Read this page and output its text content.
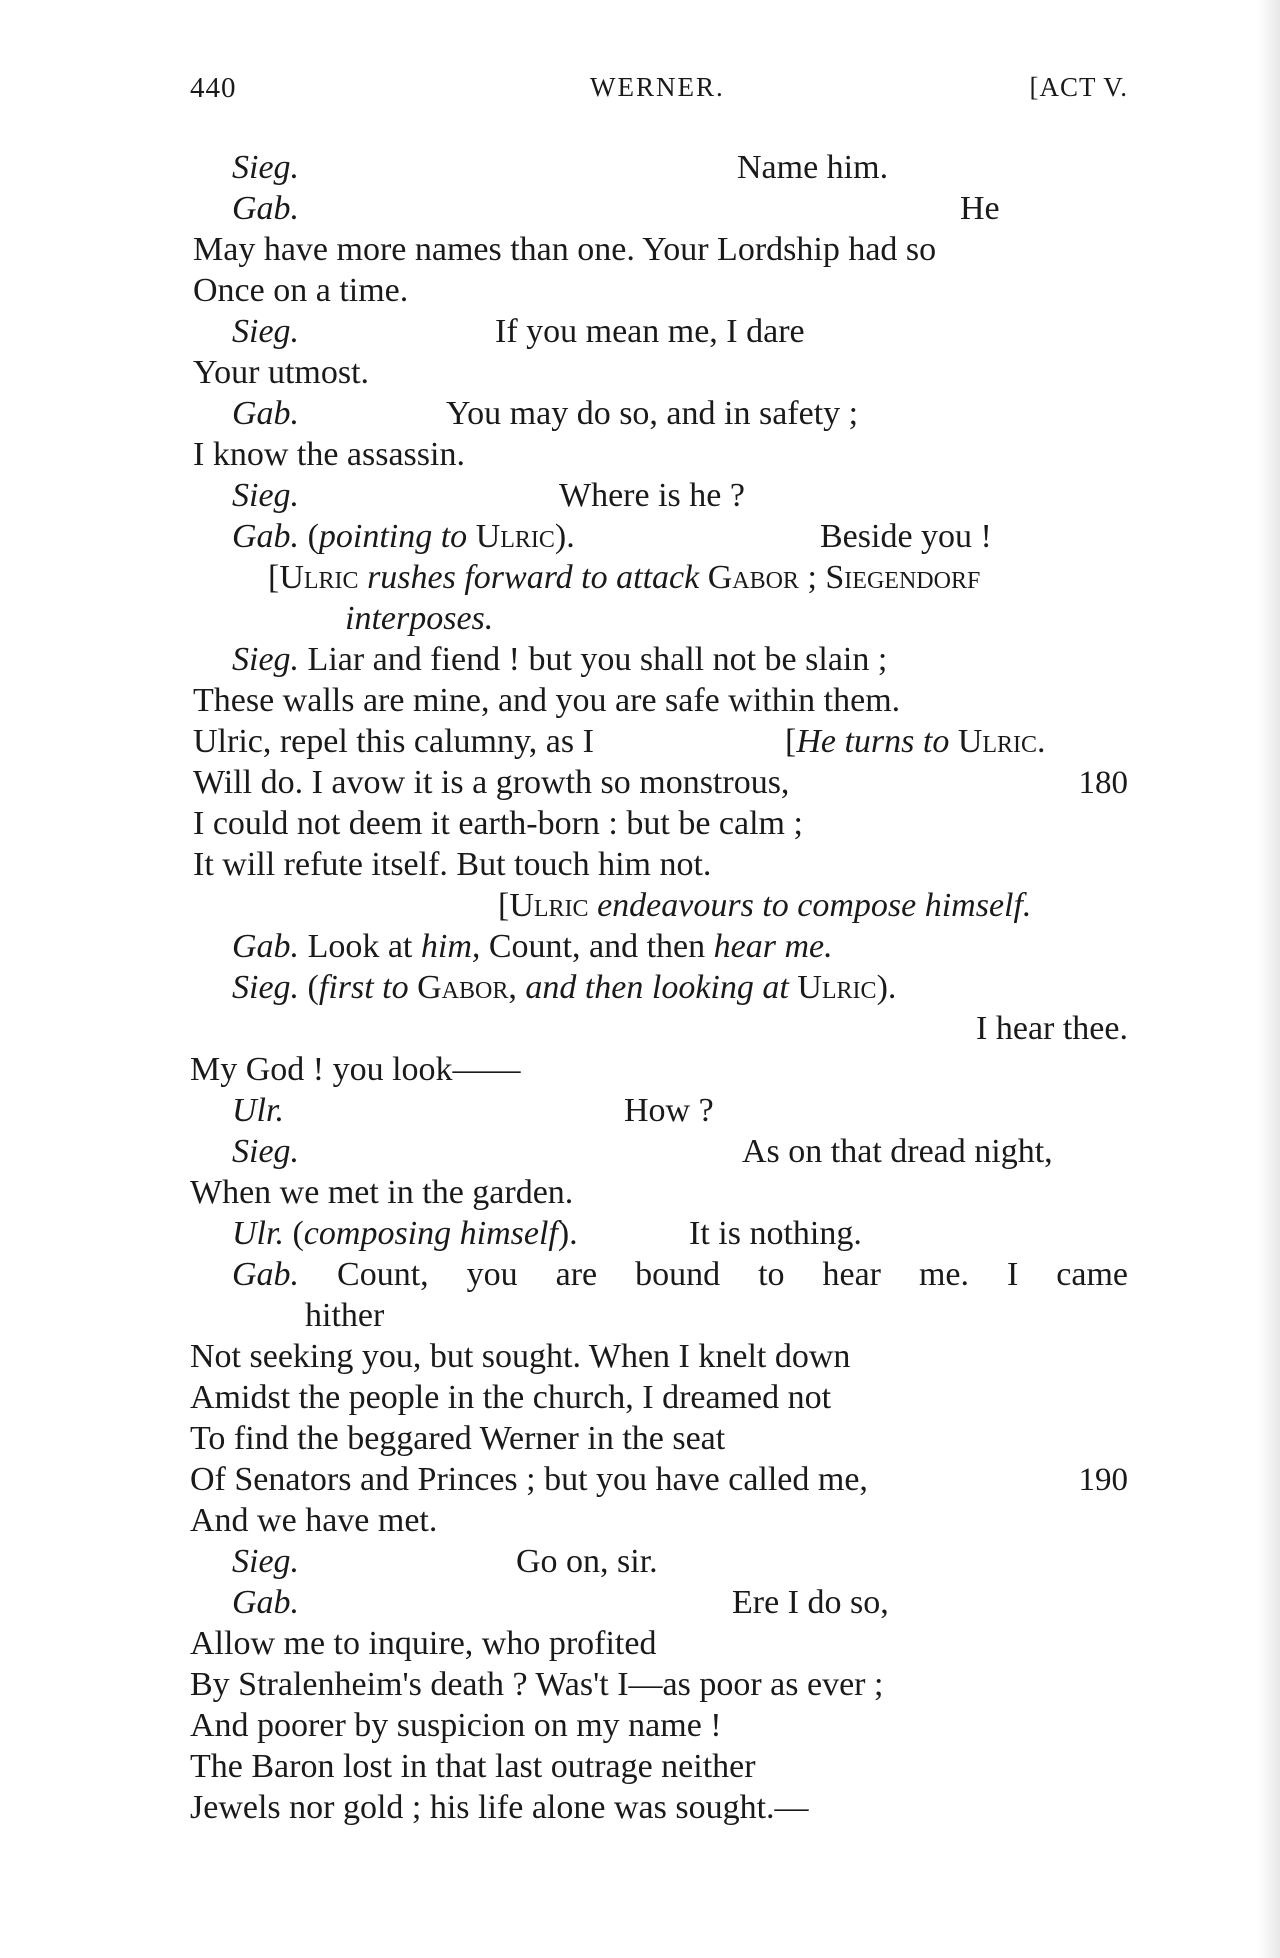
440	WERNER.	[ACT V.
Sieg.	Name him.
Gab.	He
May have more names than one. Your Lordship had so
Once on a time.
Sieg.	If you mean me, I dare
Your utmost.
Gab.	You may do so, and in safety ;
I know the assassin.
Sieg.	Where is he ?
Gab. (pointing to Ulric).	Beside you !
[Ulric rushes forward to attack Gabor ; Siegendorf
interposes.
Sieg. Liar and fiend ! but you shall not be slain ;
These walls are mine, and you are safe within them.
Ulric, repel this calumny, as I	[He turns to Ulric.
Will do. I avow it is a growth so monstrous,	180
I could not deem it earth-born : but be calm ;
It will refute itself. But touch him not.
[Ulric endeavours to compose himself.
Gab. Look at him, Count, and then hear me.
Sieg. (first to Gabor, and then looking at Ulric).
I hear thee.
My God ! you look——
Ulr.	How ?
Sieg.	As on that dread night,
When we met in the garden.
Ulr. (composing himself).	It is nothing.
Gab. Count, you are bound to hear me. I came
hither
Not seeking you, but sought. When I knelt down
Amidst the people in the church, I dreamed not
To find the beggared Werner in the seat
Of Senators and Princes ; but you have called me,	190
And we have met.
Sieg.	Go on, sir.
Gab.	Ere I do so,
Allow me to inquire, who profited
By Stralenheim's death ? Was't I—as poor as ever ;
And poorer by suspicion on my name !
The Baron lost in that last outrage neither
Jewels nor gold ; his life alone was sought.—
